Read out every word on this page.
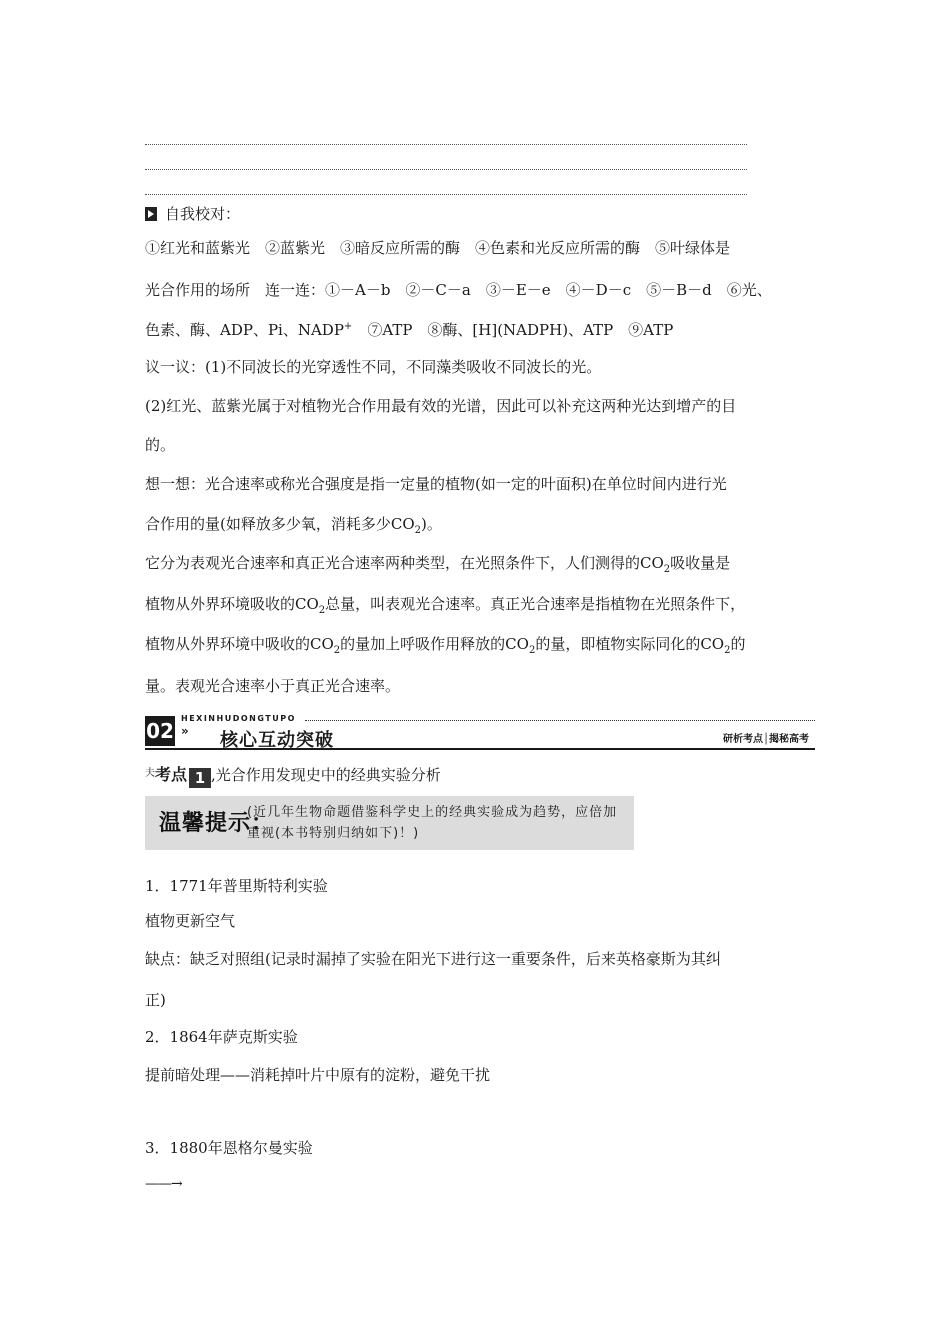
自我校对：
①红光和蓝紫光　②蓝紫光　③暗反应所需的酶　④色素和光反应所需的酶　⑤叶绿体是
光合作用的场所　连一连：①－A－b　②－C－a　③－E－e　④－D－c　⑤－B－d　⑥光、
色素、酶、ADP、Pi、NADP+　⑦ATP　⑧酶、[H](NADPH)、ATP　⑨ATP
议一议：(1)不同波长的光穿透性不同，不同藻类吸收不同波长的光。
(2)红光、蓝紫光属于对植物光合作用最有效的光谱，因此可以补充这两种光达到增产的目
的。
想一想：光合速率或称光合强度是指一定量的植物(如一定的叶面积)在单位时间内进行光
合作用的量(如释放多少氧，消耗多少$CO_2$)。
它分为表观光合速率和真正光合速率两种类型，在光照条件下，人们测得的$CO_2$吸收量是
植物从外界环境吸收的$CO_2$总量，叫表观光合速率。真正光合速率是指植物在光照条件下，
植物从外界环境中吸收的$CO_2$的量加上呼吸作用释放的$CO_2$的量，即植物实际同化的$CO_2$的
量。表观光合速率小于真正光合速率。
02
HEXINHUDONGTUPO
» 核心互动突破	研析考点│揭秘高考
$^夫$考点 1 ,光合作用发现史中的经典实验分析
温馨提示：
(近几年生物命题借鉴科学史上的经典实验成为趋势，应倍加重视(本书特别归纳如下)！)
1．1771年普里斯特利实验
植物更新空气
缺点：缺乏对照组(记录时漏掉了实验在阳光下进行这一重要条件，后来英格豪斯为其纠
正)
2．1864年萨克斯实验
提前暗处理——消耗掉叶片中原有的淀粉，避免干扰
3．1880年恩格尔曼实验
——→
